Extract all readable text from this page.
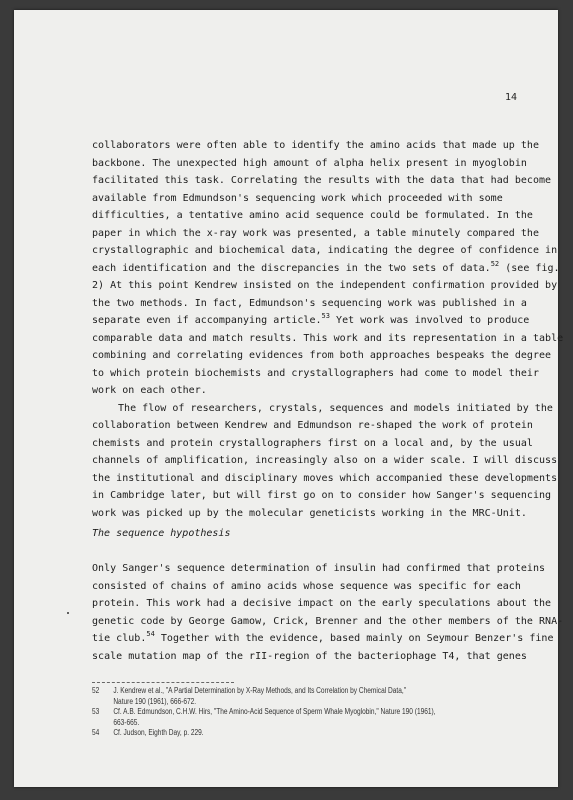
14
collaborators were often able to identify the amino acids that made up the
backbone. The unexpected high amount of alpha helix present in myoglobin
facilitated this task. Correlating the results with the data that had become
available from Edmundson's sequencing work which proceeded with some
difficulties, a tentative amino acid sequence could be formulated. In the
paper in which the x-ray work was presented, a table minutely compared the
crystallographic and biochemical data, indicating the degree of confidence in
each identification and the discrepancies in the two sets of data.$^{52}$ (see fig.
2) At this point Kendrew insisted on the independent confirmation provided by
the two methods. In fact, Edmundson's sequencing work was published in a
separate even if accompanying article.$^{53}$ Yet work was involved to produce
comparable data and match results. This work and its representation in a table
combining and correlating evidences from both approaches bespeaks the degree
to which protein biochemists and crystallographers had come to model their
work on each other.
The flow of researchers, crystals, sequences and models initiated by the
collaboration between Kendrew and Edmundson re-shaped the work of protein
chemists and protein crystallographers first on a local and, by the usual
channels of amplification, increasingly also on a wider scale. I will discuss
the institutional and disciplinary moves which accompanied these developments
in Cambridge later, but will first go on to consider how Sanger's sequencing
work was picked up by the molecular geneticists working in the MRC-Unit.
The sequence hypothesis
Only Sanger's sequence determination of insulin had confirmed that proteins
consisted of chains of amino acids whose sequence was specific for each
protein. This work had a decisive impact on the early speculations about the
genetic code by George Gamow, Crick, Brenner and the other members of the RNA-
tie club.$^{54}$ Together with the evidence, based mainly on Seymour Benzer's fine
scale mutation map of the rII-region of the bacteriophage T4, that genes
52 J. Kendrew et al., "A Partial Determination by X-Ray Methods, and Its Correlation by Chemical Data,"
Nature 190 (1961), 666-672.
53 Cf. A.B. Edmundson, C.H.W. Hirs, "The Amino-Acid Sequence of Sperm Whale Myoglobin," Nature 190 (1961),
663-665.
54 Cf. Judson, Eighth Day, p. 229.
